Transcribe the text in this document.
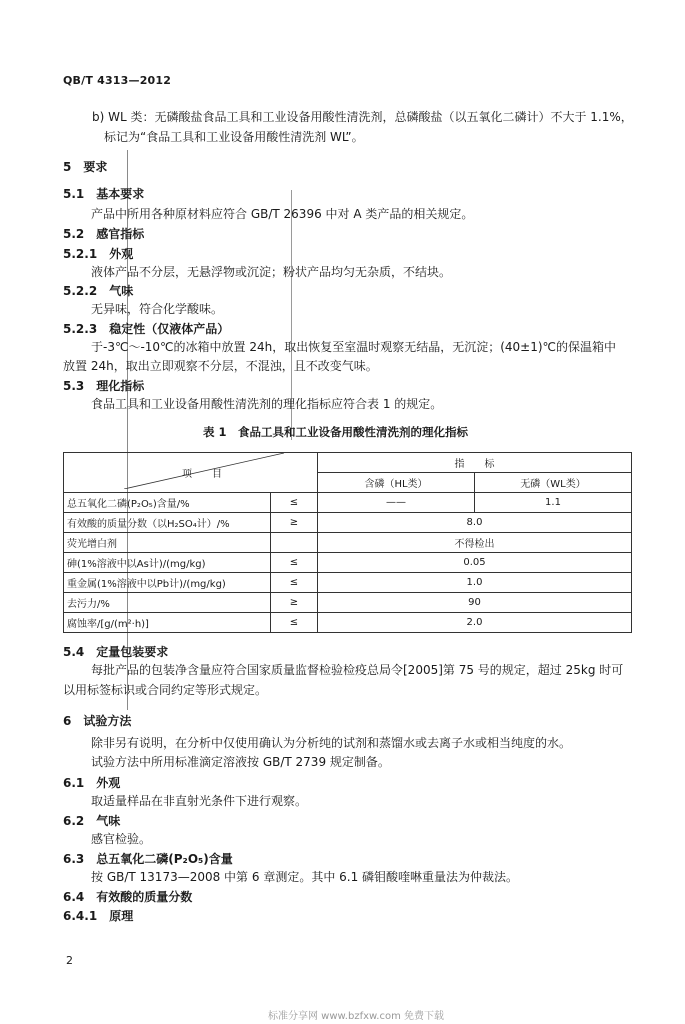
QB/T 4313—2012
b) WL 类：无磷酸盐食品工具和工业设备用酸性清洗剂，总磷酸盐（以五氧化二磷计）不大于 1.1%，
标记为“食品工具和工业设备用酸性清洗剂 WL”。
5　 要求
5.1　 基本要求
产品中所用各种原材料应符合 GB/T 26396 中对 A 类产品的相关规定。
5.2　 感官指标
5.2.1　 外观
液体产品不分层，无悬浮物或沉淀；粉状产品均匀无杂质，不结块。
5.2.2　 气味
无异味，符合化学酸味。
5.2.3　 稳定性（仅液体产品）
于-3℃～-10℃的冰箱中放置 24h，取出恢复至室温时观察无结晶，无沉淀；(40±1)℃的保温箱中
放置 24h，取出立即观察不分层，不混浊，且不改变气味。
5.3　 理化指标
食品工具和工业设备用酸性清洗剂的理化指标应符合表 1 的规定。
表 1　食品工具和工业设备用酸性清洗剂的理化指标
项　　目		指　　标	
		含磷（HL类）	无磷（WL类）
总五氧化二磷(P₂O₅)含量/%	≤	——	1.1
有效酸的质量分数（以H₂SO₄计）/%	≥	8.0	
荧光增白剂		不得检出	
砷(1%溶液中以As计)/(mg/kg)	≤	0.05	
重金属(1%溶液中以Pb计)/(mg/kg)	≤	1.0	
去污力/%	≥	90	
腐蚀率/[g/(m²·h)]	≤	2.0	
5.4　 定量包装要求
每批产品的包装净含量应符合国家质量监督检验检疫总局令[2005]第 75 号的规定，超过 25kg 时可
以用标签标识或合同约定等形式规定。
6　 试验方法
除非另有说明，在分析中仅使用确认为分析纯的试剂和蒸馏水或去离子水或相当纯度的水。
试验方法中所用标准滴定溶液按 GB/T 2739 规定制备。
6.1　 外观
取适量样品在非直射光条件下进行观察。
6.2　 气味
感官检验。
6.3　 总五氧化二磷(P₂O₅)含量
按 GB/T 13173—2008 中第 6 章测定。其中 6.1 磷钼酸喹啉重量法为仲裁法。
6.4　 有效酸的质量分数
6.4.1　 原理
2
标准分享网 www.bzfxw.com 免费下载
